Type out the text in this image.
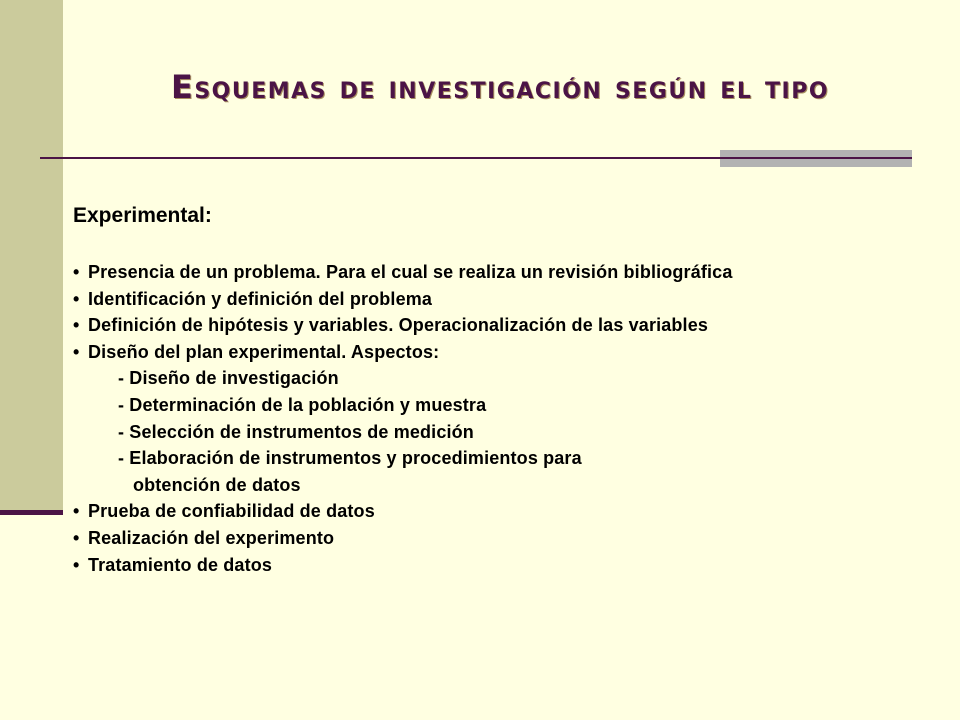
Esquemas de investigación según el tipo
Experimental:
• Presencia de un problema. Para el cual se realiza un revisión bibliográfica
• Identificación y definición del problema
• Definición de hipótesis y variables. Operacionalización de las variables
• Diseño del plan experimental. Aspectos:
- Diseño de investigación
- Determinación de la población y muestra
- Selección de instrumentos de medición
- Elaboración de instrumentos y procedimientos para
obtención de datos
• Prueba de confiabilidad de datos
• Realización del experimento
• Tratamiento de datos
